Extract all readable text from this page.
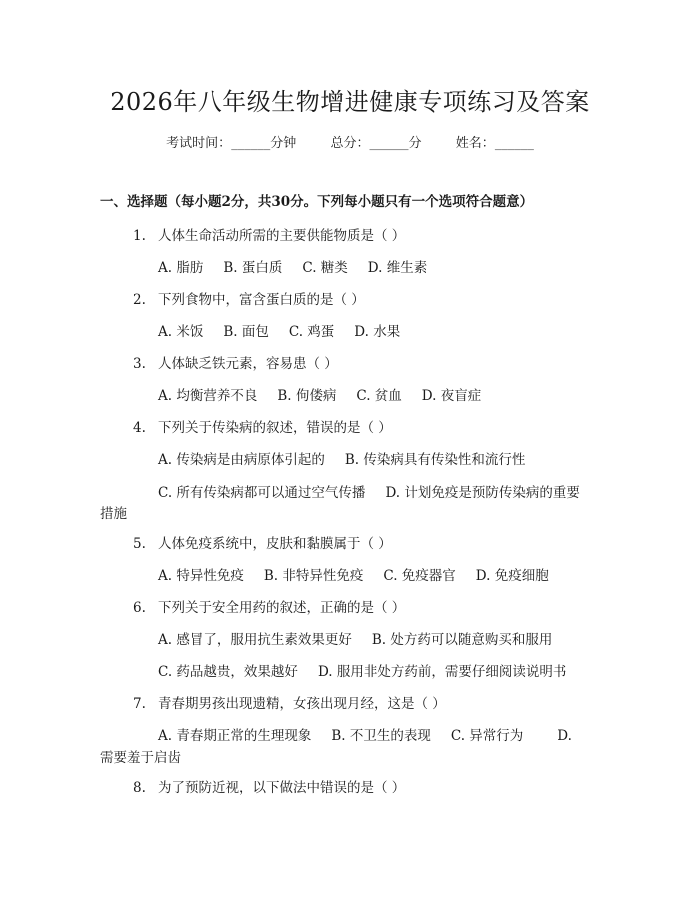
2026年八年级生物增进健康专项练习及答案
考试时间：______分钟	总分：______分	姓名：______
一、选择题（每小题2分，共30分。下列每小题只有一个选项符合题意）
1. 人体生命活动所需的主要供能物质是（ ）
A. 脂肪 B. 蛋白质 C. 糖类 D. 维生素
2. 下列食物中，富含蛋白质的是（ ）
A. 米饭 B. 面包 C. 鸡蛋 D. 水果
3. 人体缺乏铁元素，容易患（ ）
A. 均衡营养不良 B. 佝偻病 C. 贫血 D. 夜盲症
4. 下列关于传染病的叙述，错误的是（ ）
A. 传染病是由病原体引起的 B. 传染病具有传染性和流行性
C. 所有传染病都可以通过空气传播 D. 计划免疫是预防传染病的重要
措施
5. 人体免疫系统中，皮肤和黏膜属于（ ）
A. 特异性免疫 B. 非特异性免疫 C. 免疫器官 D. 免疫细胞
6. 下列关于安全用药的叙述，正确的是（ ）
A. 感冒了，服用抗生素效果更好 B. 处方药可以随意购买和服用
C. 药品越贵，效果越好 D. 服用非处方药前，需要仔细阅读说明书
7. 青春期男孩出现遗精，女孩出现月经，这是（ ）
A. 青春期正常的生理现象 B. 不卫生的表现 C. 异常行为	D.
需要羞于启齿
8. 为了预防近视，以下做法中错误的是（ ）
